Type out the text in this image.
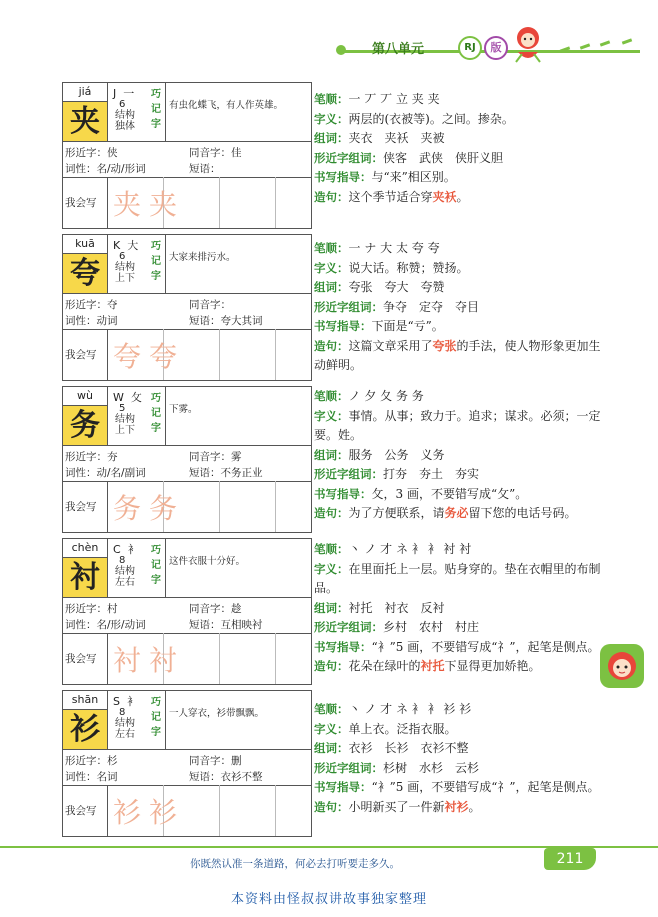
第八单元	RJ	版
jiá
夹
J 一
6
结构
独体
巧
记
字
有虫化蝶飞，有人作英雄。
形近字：侠	同音字：佳
词性：名/动/形词	短语：
我会写 夹夹
笔顺：一 丆 丆 立 夹 夹
字义：两层的(衣被等)。之间。掺杂。
组词：夹衣　夹袄　夹被
形近字组词：侠客　武侠　侠肝义胆
书写指导：与“来”相区别。
造句：这个季节适合穿夹袄。
kuā
夸
K 大
6
结构
上下
巧
记
字
大家来排污水。
形近字：夺	同音字：
词性：动词	短语：夸大其词
我会写 夸夸
笔顺：一 ナ 大 太 夸 夸
字义：说大话。称赞；赞扬。
组词：夸张　夸大　夸赞
形近字组词：争夺　定夺　夺目
书写指导：下面是“亏”。
造句：这篇文章采用了夸张的手法，使人物形象更加生动鲜明。
wù
务
W 攵
5
结构
上下
巧
记
字
下雾。
形近字：夯	同音字：雾
词性：动/名/副词	短语：不务正业
我会写 务务
笔顺：ノ 夕 夂 务 务
字义：事情。从事；致力于。追求；谋求。必须；一定要。姓。
组词：服务　公务　义务
形近字组词：打夯　夯土　夯实
书写指导：攵，3 画，不要错写成“攵”。
造句：为了方便联系，请务必留下您的电话号码。
chèn
衬
C 衤
8
结构
左右
巧
记
字
这件衣服十分好。
形近字：村	同音字：趁
词性：名/形/动词	短语：互相映衬
我会写 衬衬
笔顺：丶 ノ 才 ネ 衤 衤 衬 衬
字义：在里面托上一层。贴身穿的。垫在衣帽里的布制品。
组词：衬托　衬衣　反衬
形近字组词：乡村　农村　村庄
书写指导：“衤”5 画，不要错写成“礻”，起笔是侧点。
造句：花朵在绿叶的衬托下显得更加娇艳。
shān
衫
S 衤
8
结构
左右
巧
记
字
一人穿衣，衫带飘飘。
形近字：杉	同音字：删
词性：名词	短语：衣衫不整
我会写 衫衫
笔顺：丶 ノ 才 ネ 衤 衤 衫 衫
字义：单上衣。泛指衣服。
组词：衣衫　长衫　衣衫不整
形近字组词：杉树　水杉　云杉
书写指导：“衤”5 画，不要错写成“礻”，起笔是侧点。
造句：小明新买了一件新衬衫。
你既然认准一条道路，何必去打听要走多久。	211
本资料由怪叔叔讲故事独家整理
